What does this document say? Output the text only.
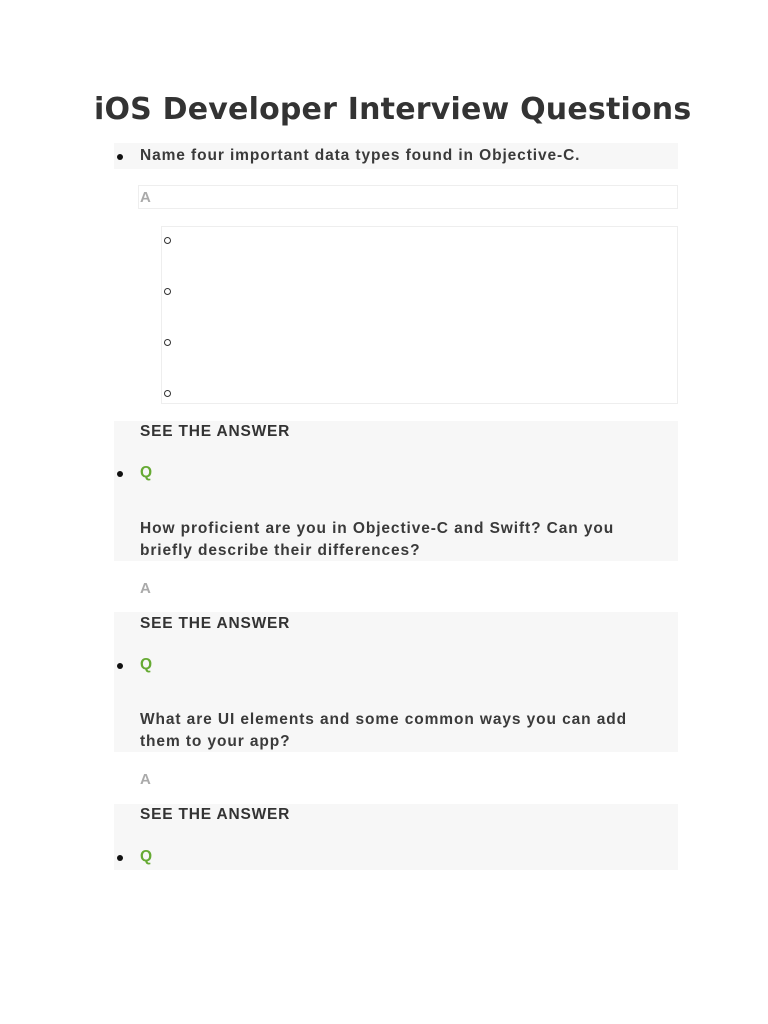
iOS Developer Interview Questions
Name four important data types found in Objective-C.
A
SEE THE ANSWER
Q
How proficient are you in Objective-C and Swift? Can you briefly describe their differences?
A
SEE THE ANSWER
Q
What are UI elements and some common ways you can add them to your app?
A
SEE THE ANSWER
Q
